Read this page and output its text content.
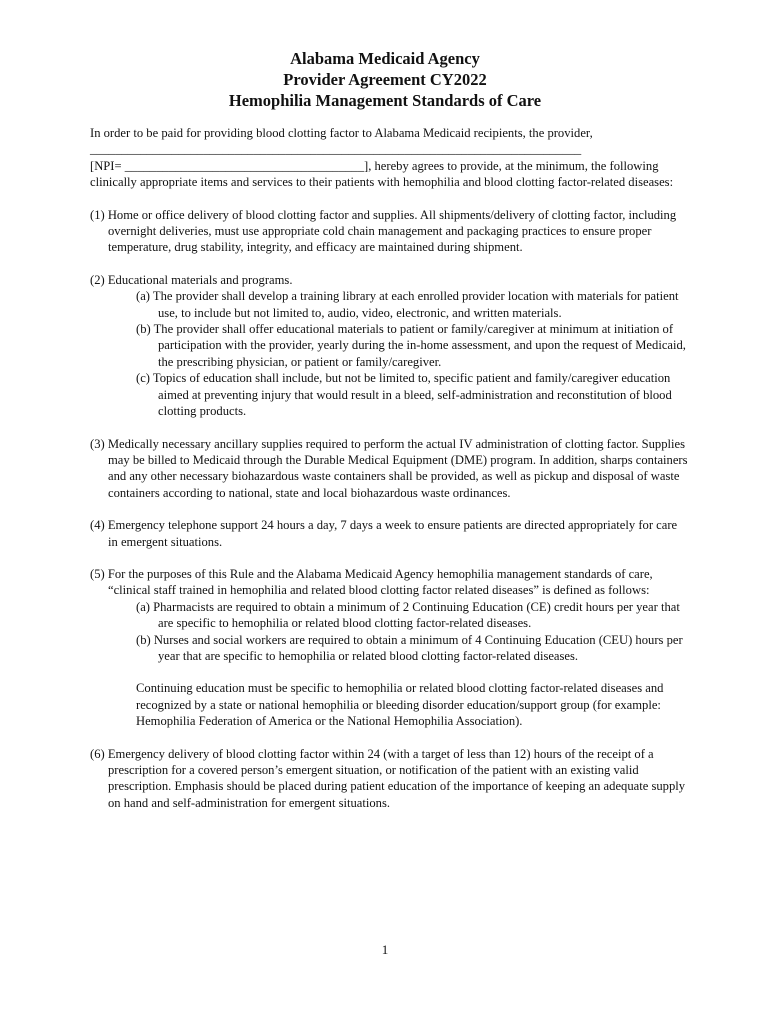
Alabama Medicaid Agency
Provider Agreement CY2022
Hemophilia Management Standards of Care

In order to be paid for providing blood clotting factor to Alabama Medicaid recipients, the provider,

______________________________________________________________________________

[NPI= ______________________________________], hereby agrees to provide, at the minimum, the following clinically appropriate items and services to their patients with hemophilia and blood clotting factor-related diseases:

(1) Home or office delivery of blood clotting factor and supplies. All shipments/delivery of clotting factor, including overnight deliveries, must use appropriate cold chain management and packaging practices to ensure proper temperature, drug stability, integrity, and efficacy are maintained during shipment.

(2) Educational materials and programs.

(a) The provider shall develop a training library at each enrolled provider location with materials for patient use, to include but not limited to, audio, video, electronic, and written materials.

(b) The provider shall offer educational materials to patient or family/caregiver at minimum at initiation of participation with the provider, yearly during the in-home assessment, and upon the request of Medicaid, the prescribing physician, or patient or family/caregiver.

(c) Topics of education shall include, but not be limited to, specific patient and family/caregiver education aimed at preventing injury that would result in a bleed, self-administration and reconstitution of blood clotting products.

(3) Medically necessary ancillary supplies required to perform the actual IV administration of clotting factor. Supplies may be billed to Medicaid through the Durable Medical Equipment (DME) program. In addition, sharps containers and any other necessary biohazardous waste containers shall be provided, as well as pickup and disposal of waste containers according to national, state and local biohazardous waste ordinances.

(4) Emergency telephone support 24 hours a day, 7 days a week to ensure patients are directed appropriately for care in emergent situations.

(5) For the purposes of this Rule and the Alabama Medicaid Agency hemophilia management standards of care, “clinical staff trained in hemophilia and related blood clotting factor related diseases” is defined as follows:

(a) Pharmacists are required to obtain a minimum of 2 Continuing Education (CE) credit hours per year that are specific to hemophilia or related blood clotting factor-related diseases.

(b) Nurses and social workers are required to obtain a minimum of 4 Continuing Education (CEU) hours per year that are specific to hemophilia or related blood clotting factor-related diseases.

Continuing education must be specific to hemophilia or related blood clotting factor-related diseases and recognized by a state or national hemophilia or bleeding disorder education/support group (for example: Hemophilia Federation of America or the National Hemophilia Association).

(6) Emergency delivery of blood clotting factor within 24 (with a target of less than 12) hours of the receipt of a prescription for a covered person’s emergent situation, or notification of the patient with an existing valid prescription. Emphasis should be placed during patient education of the importance of keeping an adequate supply on hand and self-administration for emergent situations.

1
